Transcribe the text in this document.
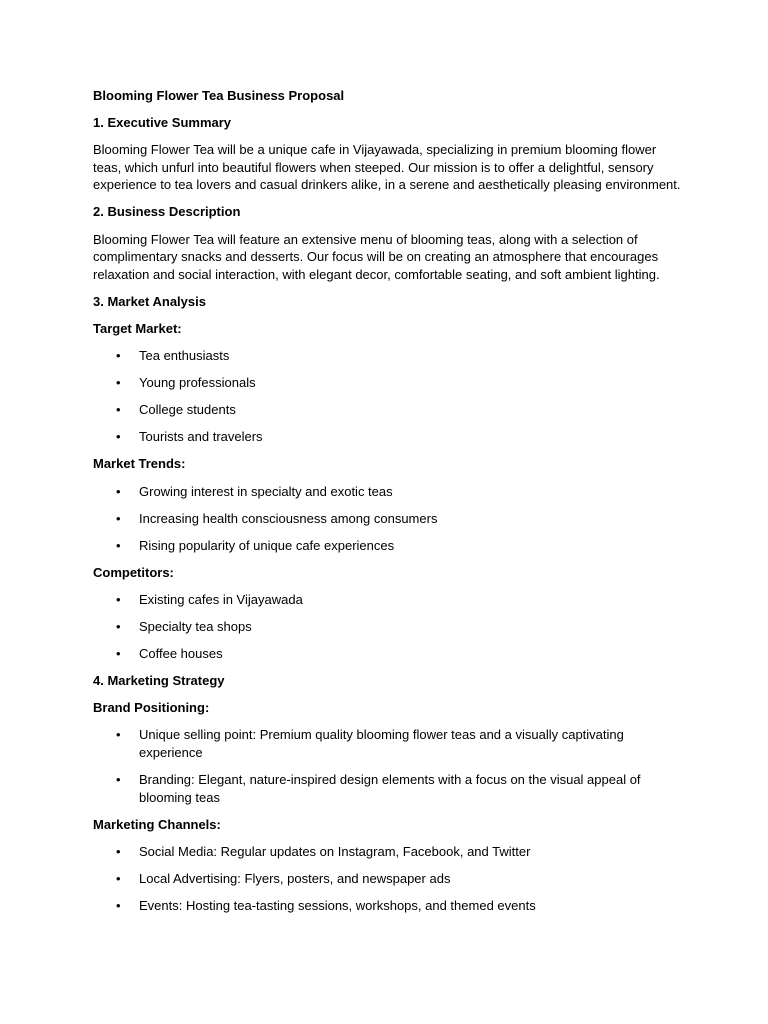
Blooming Flower Tea Business Proposal

1. Executive Summary

Blooming Flower Tea will be a unique cafe in Vijayawada, specializing in premium blooming flower teas, which unfurl into beautiful flowers when steeped. Our mission is to offer a delightful, sensory experience to tea lovers and casual drinkers alike, in a serene and aesthetically pleasing environment.

2. Business Description

Blooming Flower Tea will feature an extensive menu of blooming teas, along with a selection of complimentary snacks and desserts. Our focus will be on creating an atmosphere that encourages relaxation and social interaction, with elegant decor, comfortable seating, and soft ambient lighting.

3. Market Analysis

Target Market:

• Tea enthusiasts
• Young professionals
• College students
• Tourists and travelers

Market Trends:

• Growing interest in specialty and exotic teas
• Increasing health consciousness among consumers
• Rising popularity of unique cafe experiences

Competitors:

• Existing cafes in Vijayawada
• Specialty tea shops
• Coffee houses

4. Marketing Strategy

Brand Positioning:

• Unique selling point: Premium quality blooming flower teas and a visually captivating experience
• Branding: Elegant, nature-inspired design elements with a focus on the visual appeal of blooming teas

Marketing Channels:

• Social Media: Regular updates on Instagram, Facebook, and Twitter
• Local Advertising: Flyers, posters, and newspaper ads
• Events: Hosting tea-tasting sessions, workshops, and themed events
